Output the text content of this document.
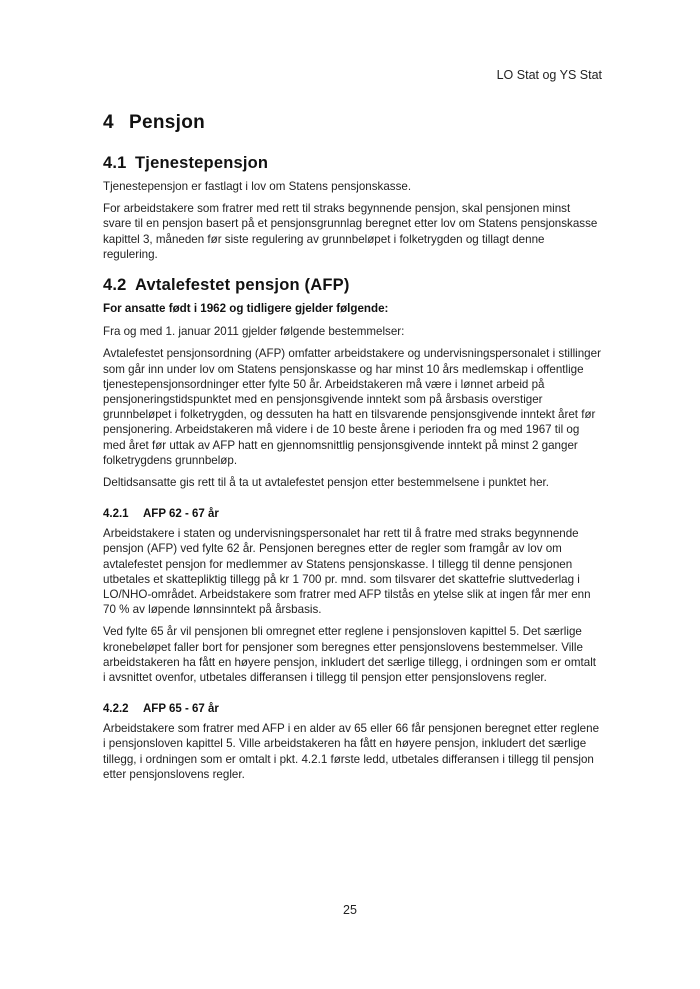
LO Stat og YS Stat
4 Pensjon
4.1 Tjenestepensjon

Tjenestepensjon er fastlagt i lov om Statens pensjonskasse.

For arbeidstakere som fratrer med rett til straks begynnende pensjon, skal pensjonen minst svare til en pensjon basert på et pensjonsgrunnlag beregnet etter lov om Statens pensjonskasse kapittel 3, måneden før siste regulering av grunnbeløpet i folketrygden og tillagt denne regulering.

4.2 Avtalefestet pensjon (AFP)

For ansatte født i 1962 og tidligere gjelder følgende:

Fra og med 1. januar 2011 gjelder følgende bestemmelser:

Avtalefestet pensjonsordning (AFP) omfatter arbeidstakere og undervisningspersonalet i stillinger som går inn under lov om Statens pensjonskasse og har minst 10 års medlemskap i offentlige tjenestepensjonsordninger etter fylte 50 år. Arbeidstakeren må være i lønnet arbeid på pensjoneringstidspunktet med en pensjonsgivende inntekt som på årsbasis overstiger grunnbeløpet i folketrygden, og dessuten ha hatt en tilsvarende pensjonsgivende inntekt året før pensjonering. Arbeidstakeren må videre i de 10 beste årene i perioden fra og med 1967 til og med året før uttak av AFP hatt en gjennomsnittlig pensjonsgivende inntekt på minst 2 ganger folketrygdens grunnbeløp.

Deltidsansatte gis rett til å ta ut avtalefestet pensjon etter bestemmelsene i punktet her.

4.2.1 AFP 62 - 67 år

Arbeidstakere i staten og undervisningspersonalet har rett til å fratre med straks begynnende pensjon (AFP) ved fylte 62 år. Pensjonen beregnes etter de regler som framgår av lov om avtalefestet pensjon for medlemmer av Statens pensjonskasse. I tillegg til denne pensjonen utbetales et skattepliktig tillegg på kr 1 700 pr. mnd. som tilsvarer det skattefrie sluttvederlag i LO/NHO-området. Arbeidstakere som fratrer med AFP tilstås en ytelse slik at ingen får mer enn 70 % av løpende lønnsinntekt på årsbasis.

Ved fylte 65 år vil pensjonen bli omregnet etter reglene i pensjonsloven kapittel 5. Det særlige kronebeløpet faller bort for pensjoner som beregnes etter pensjonslovens bestemmelser. Ville arbeidstakeren ha fått en høyere pensjon, inkludert det særlige tillegg, i ordningen som er omtalt i avsnittet ovenfor, utbetales differansen i tillegg til pensjon etter pensjonslovens regler.

4.2.2 AFP 65 - 67 år

Arbeidstakere som fratrer med AFP i en alder av 65 eller 66 får pensjonen beregnet etter reglene i pensjonsloven kapittel 5. Ville arbeidstakeren ha fått en høyere pensjon, inkludert det særlige tillegg, i ordningen som er omtalt i pkt. 4.2.1 første ledd, utbetales differansen i tillegg til pensjon etter pensjonslovens regler.

25
